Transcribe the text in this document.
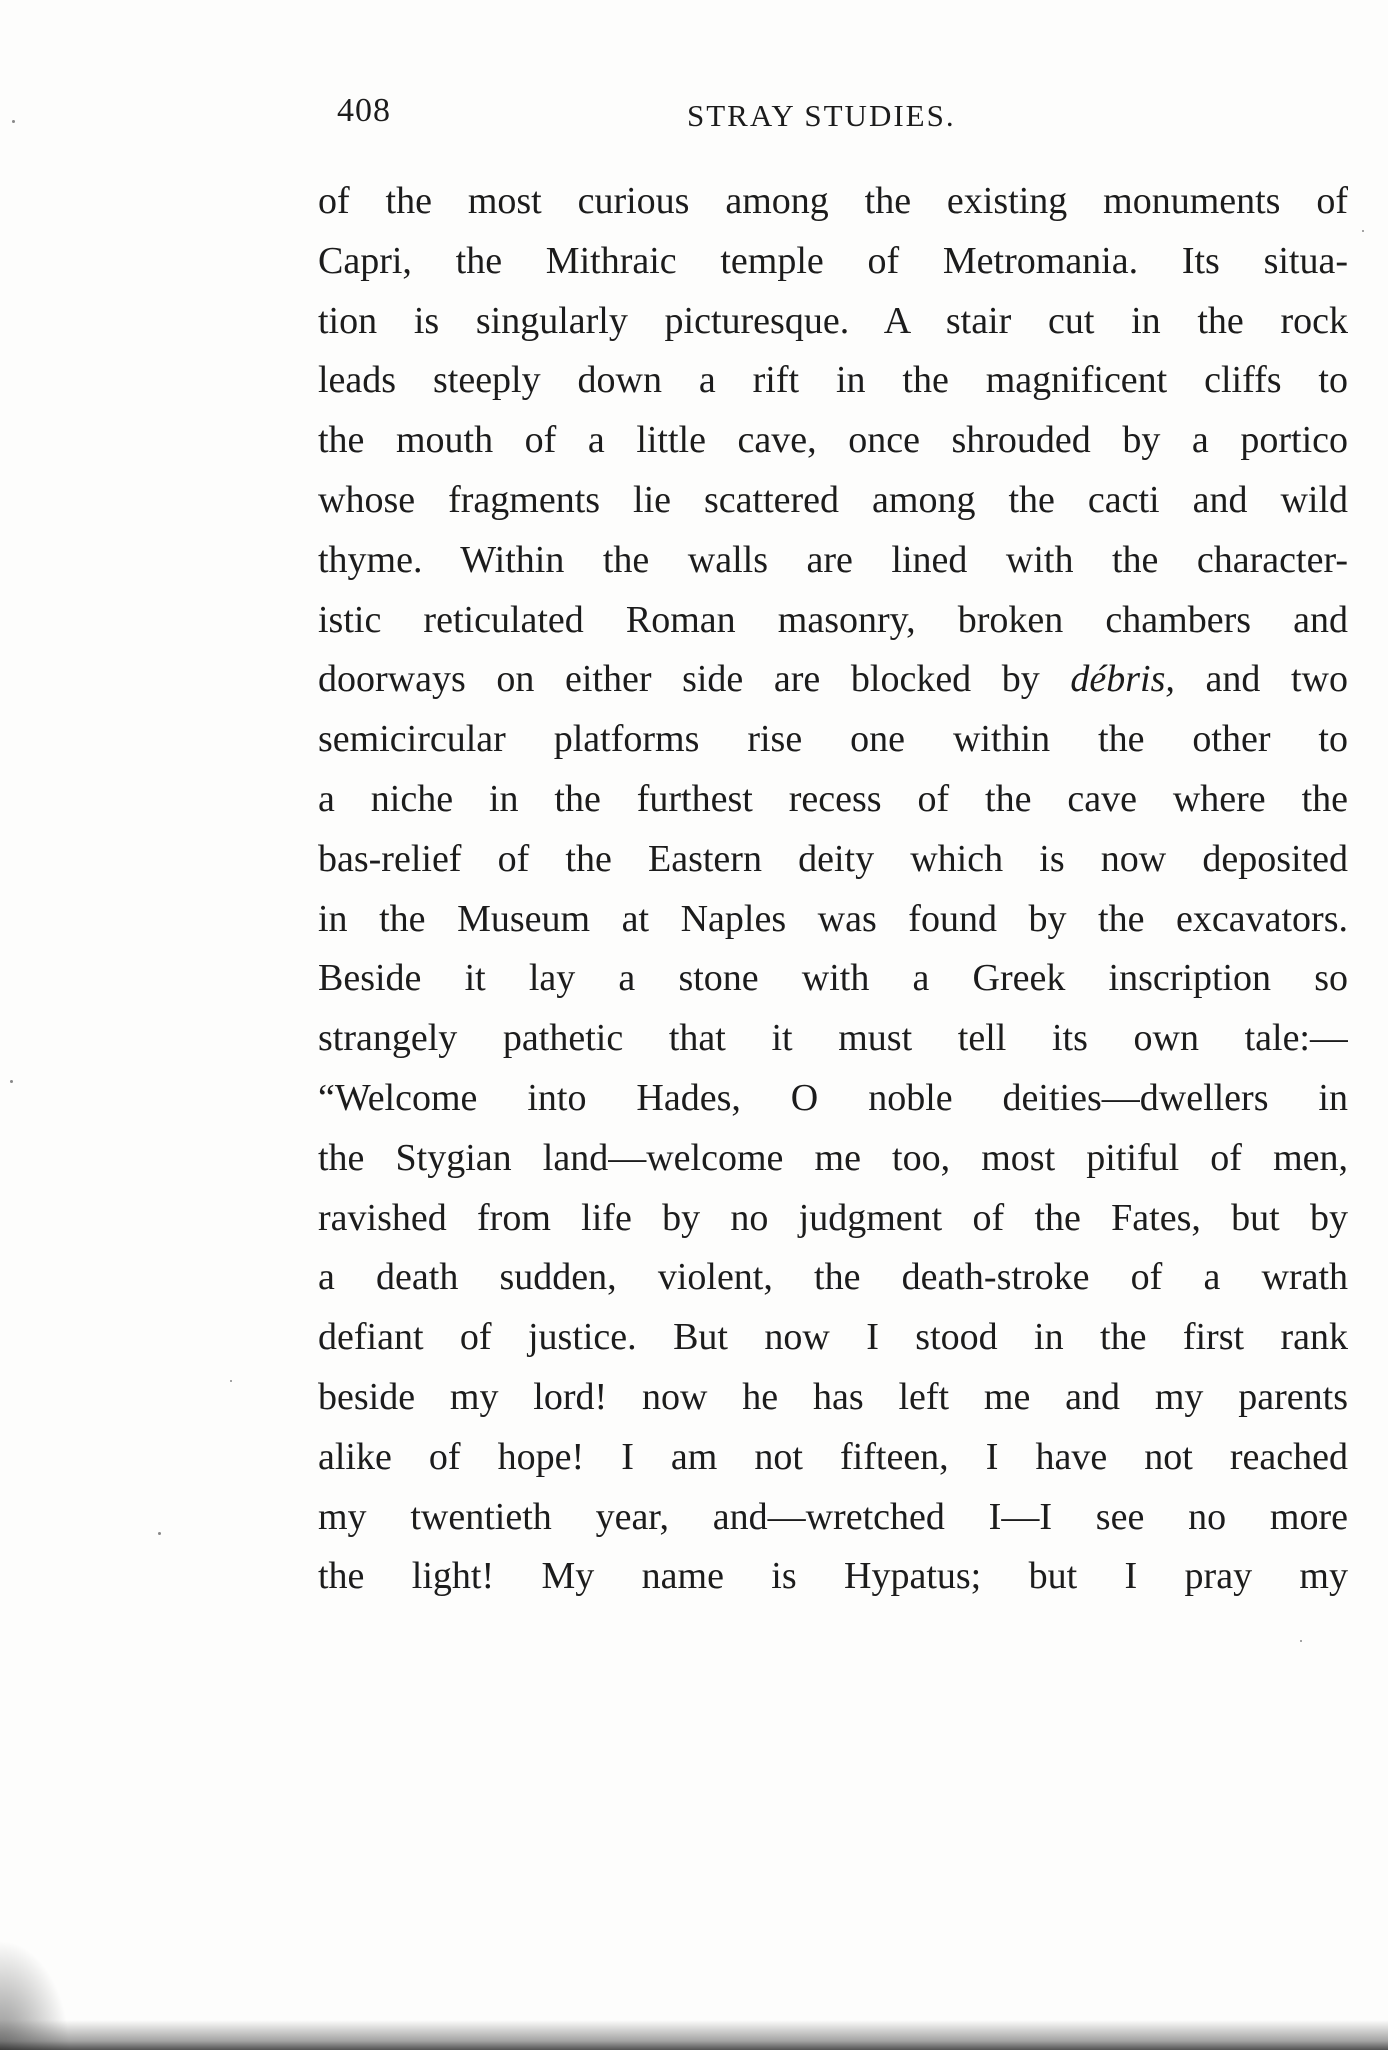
408	STRAY STUDIES.
of the most curious among the existing monuments of
Capri, the Mithraic temple of Metromania. Its situa-
tion is singularly picturesque. A stair cut in the rock
leads steeply down a rift in the magnificent cliffs to
the mouth of a little cave, once shrouded by a portico
whose fragments lie scattered among the cacti and wild
thyme. Within the walls are lined with the character-
istic reticulated Roman masonry, broken chambers and
doorways on either side are blocked by débris, and two
semicircular platforms rise one within the other to
a niche in the furthest recess of the cave where the
bas-relief of the Eastern deity which is now deposited
in the Museum at Naples was found by the excavators.
Beside it lay a stone with a Greek inscription so
strangely pathetic that it must tell its own tale:—
“Welcome into Hades, O noble deities—dwellers in
the Stygian land—welcome me too, most pitiful of men,
ravished from life by no judgment of the Fates, but by
a death sudden, violent, the death-stroke of a wrath
defiant of justice. But now I stood in the first rank
beside my lord! now he has left me and my parents
alike of hope! I am not fifteen, I have not reached
my twentieth year, and—wretched I—I see no more
the light! My name is Hypatus; but I pray my
